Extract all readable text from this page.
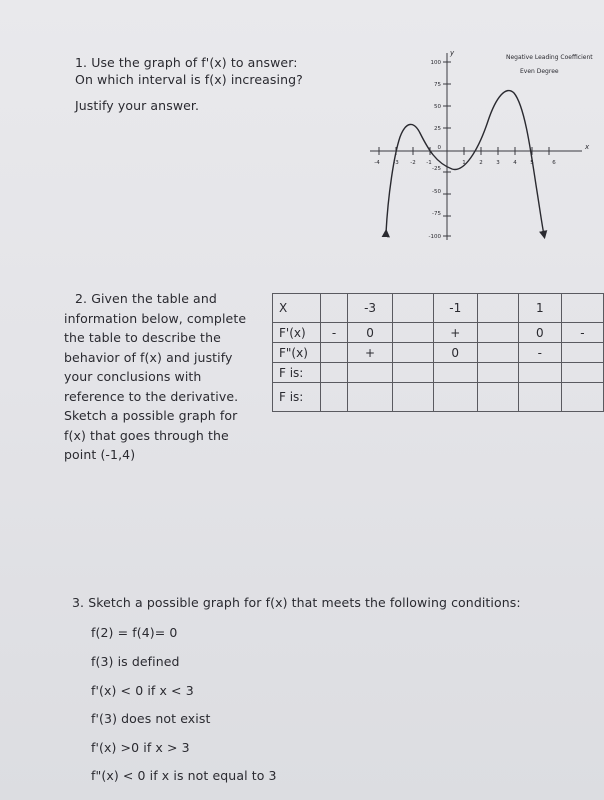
1. Use the graph of f'(x) to answer:
On which interval is f(x) increasing?
Justify your answer.
Negative Leading Coefficient
Even Degree
y
x
100
75
50
25
0
-25
-50
-75
-100
-4 -3 -2 -1	1 2 3 4 5	6
2. Given the table and
information below, complete
the table to describe the
behavior of f(x) and justify
your conclusions with
reference to the derivative.
Sketch a possible graph for
f(x) that goes through the
point (-1,4)
X		-3		-1		1	
F'(x)	-	0		+		0	-
F"(x)		+		0		-	
F is:							
F is:							
3. Sketch a possible graph for f(x) that meets the following conditions:
f(2) = f(4)= 0
f(3) is defined
f'(x) < 0 if x < 3
f'(3) does not exist
f'(x) >0 if x > 3
f"(x) < 0 if x is not equal to 3
